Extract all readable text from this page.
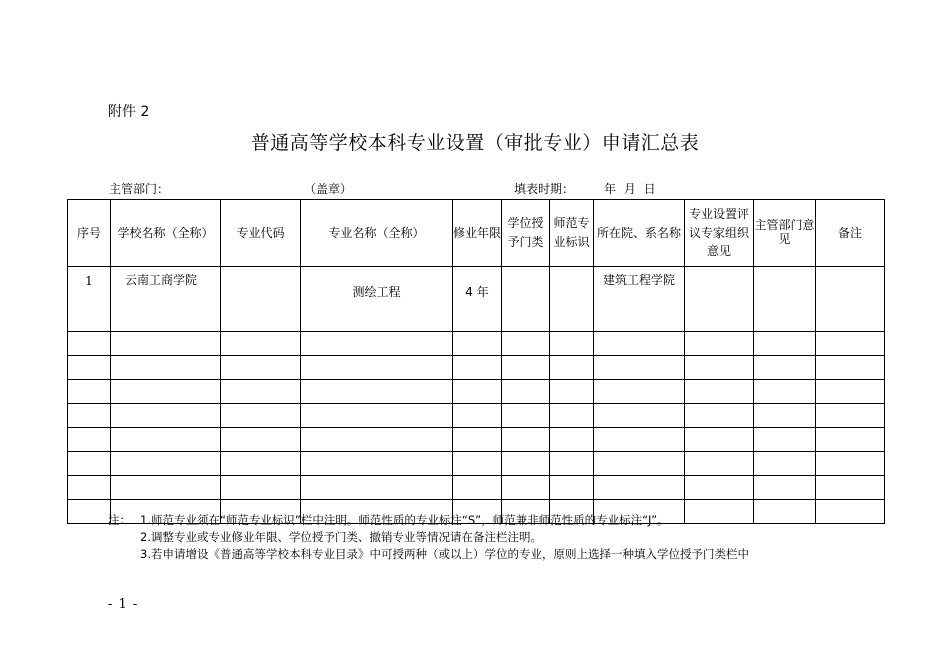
附件 2
普通高等学校本科专业设置（审批专业）申请汇总表
主管部门：	（盖章）	填表时期： 年 月 日
序号	学校名称（全称）	专业代码	专业名称（全称）	修业年限	学位授予门类	师范专业标识	所在院、系名称	专业设置评议专家组织意见	主管部门意见	备注
1	云南工商学院		测绘工程	4 年			建筑工程学院			

注： 1.师范专业须在“师范专业标识”栏中注明。师范性质的专业标注“S”，师范兼非师范性质的专业标注“J”。
2.调整专业或专业修业年限、学位授予门类、撤销专业等情况请在备注栏注明。
3.若申请增设《普通高等学校本科专业目录》中可授两种（或以上）学位的专业，原则上选择一种填入学位授予门类栏中
- 1 -
